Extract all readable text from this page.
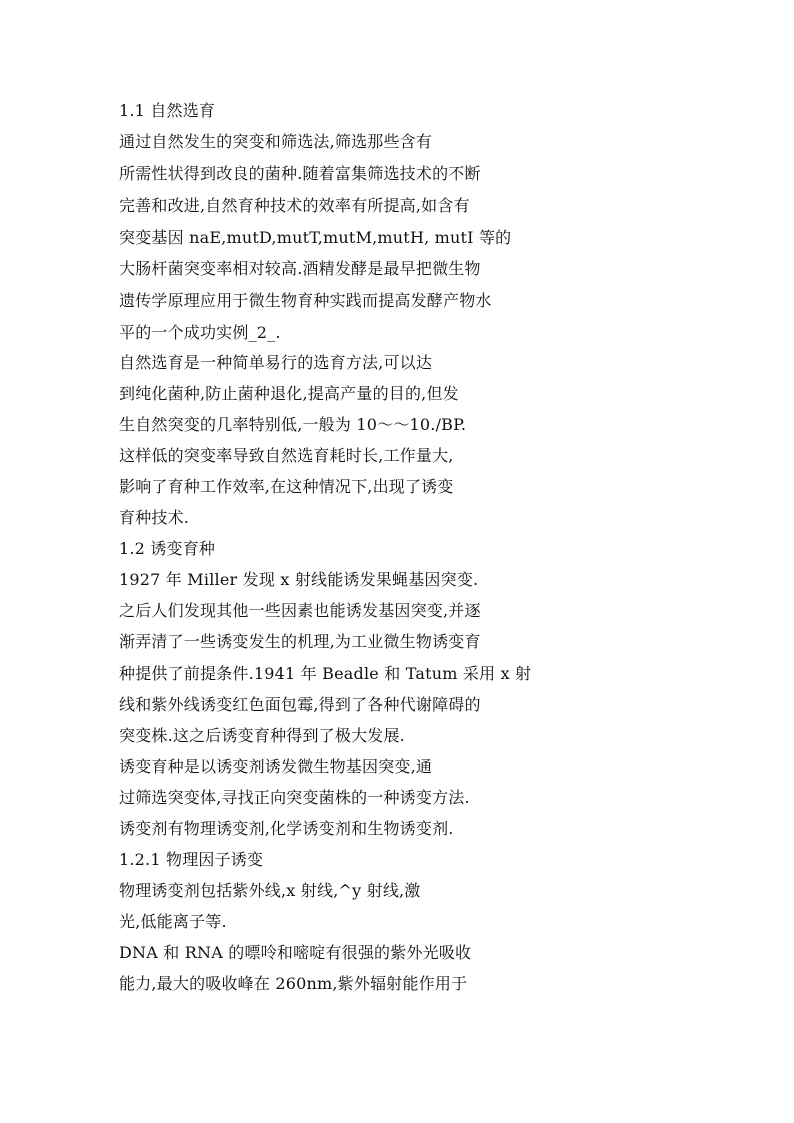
1.1 自然选育
通过自然发生的突变和筛选法,筛选那些含有
所需性状得到改良的菌种.随着富集筛选技术的不断
完善和改进,自然育种技术的效率有所提高,如含有
突变基因 naE,mutD,mutT,mutM,mutH, mutI 等的
大肠杆菌突变率相对较高.酒精发酵是最早把微生物
遗传学原理应用于微生物育种实践而提高发酵产物水
平的一个成功实例_2_.
自然选育是一种简单易行的选育方法,可以达
到纯化菌种,防止菌种退化,提高产量的目的,但发
生自然突变的几率特别低,一般为 10～～10./BP.
这样低的突变率导致自然选育耗时长,工作量大,
影响了育种工作效率,在这种情况下,出现了诱变
育种技术.
1.2 诱变育种
1927 年 Miller 发现 x 射线能诱发果蝇基因突变.
之后人们发现其他一些因素也能诱发基因突变,并逐
渐弄清了一些诱变发生的机理,为工业微生物诱变育
种提供了前提条件.1941 年 Beadle 和 Tatum 采用 x 射
线和紫外线诱变红色面包霉,得到了各种代谢障碍的
突变株.这之后诱变育种得到了极大发展.
诱变育种是以诱变剂诱发微生物基因突变,通
过筛选突变体,寻找正向突变菌株的一种诱变方法.
诱变剂有物理诱变剂,化学诱变剂和生物诱变剂.
1.2.1 物理因子诱变
物理诱变剂包括紫外线,x 射线,^y 射线,激
光,低能离子等.
DNA 和 RNA 的嘌呤和嘧啶有很强的紫外光吸收
能力,最大的吸收峰在 260nm,紫外辐射能作用于
